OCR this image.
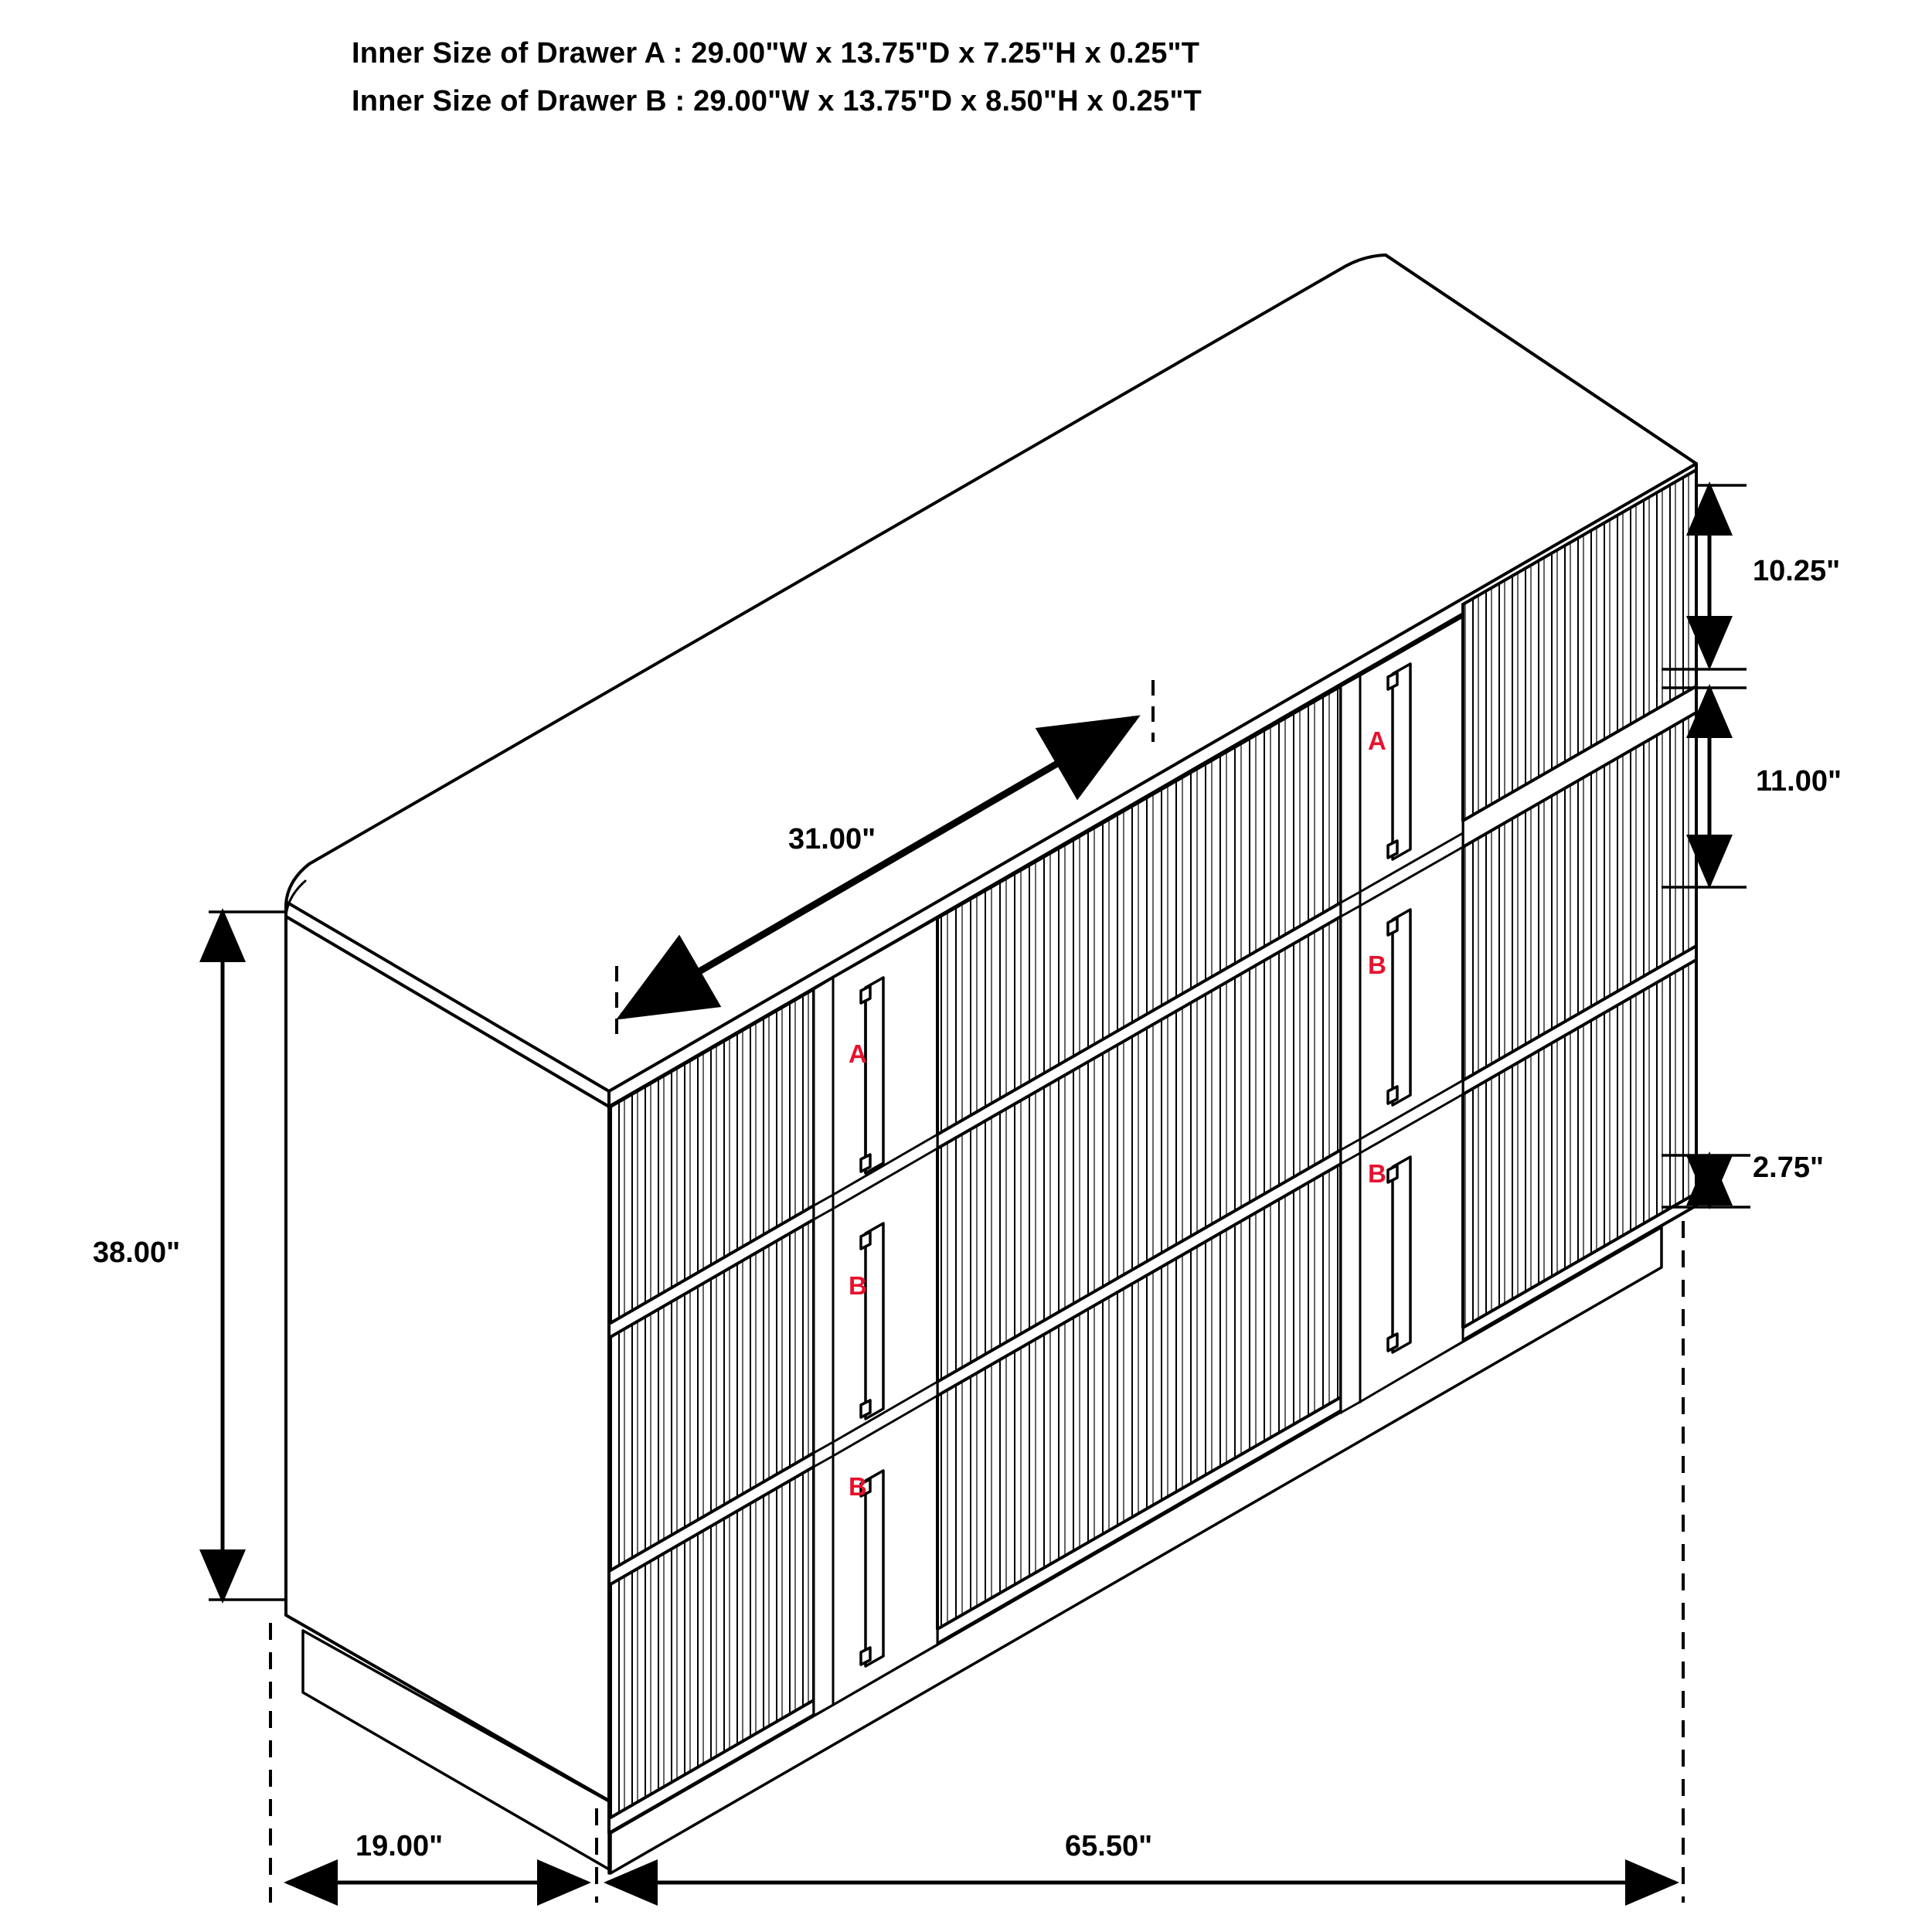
Inner Size of Drawer A : 29.00"W x 13.75"D x 7.25"H x 0.25"T
Inner Size of Drawer B : 29.00"W x 13.75"D x 8.50"H x 0.25"T
31.00"
38.00"
10.25"
11.00"
2.75"
19.00"	65.50"
A
B
B
A
B
B
